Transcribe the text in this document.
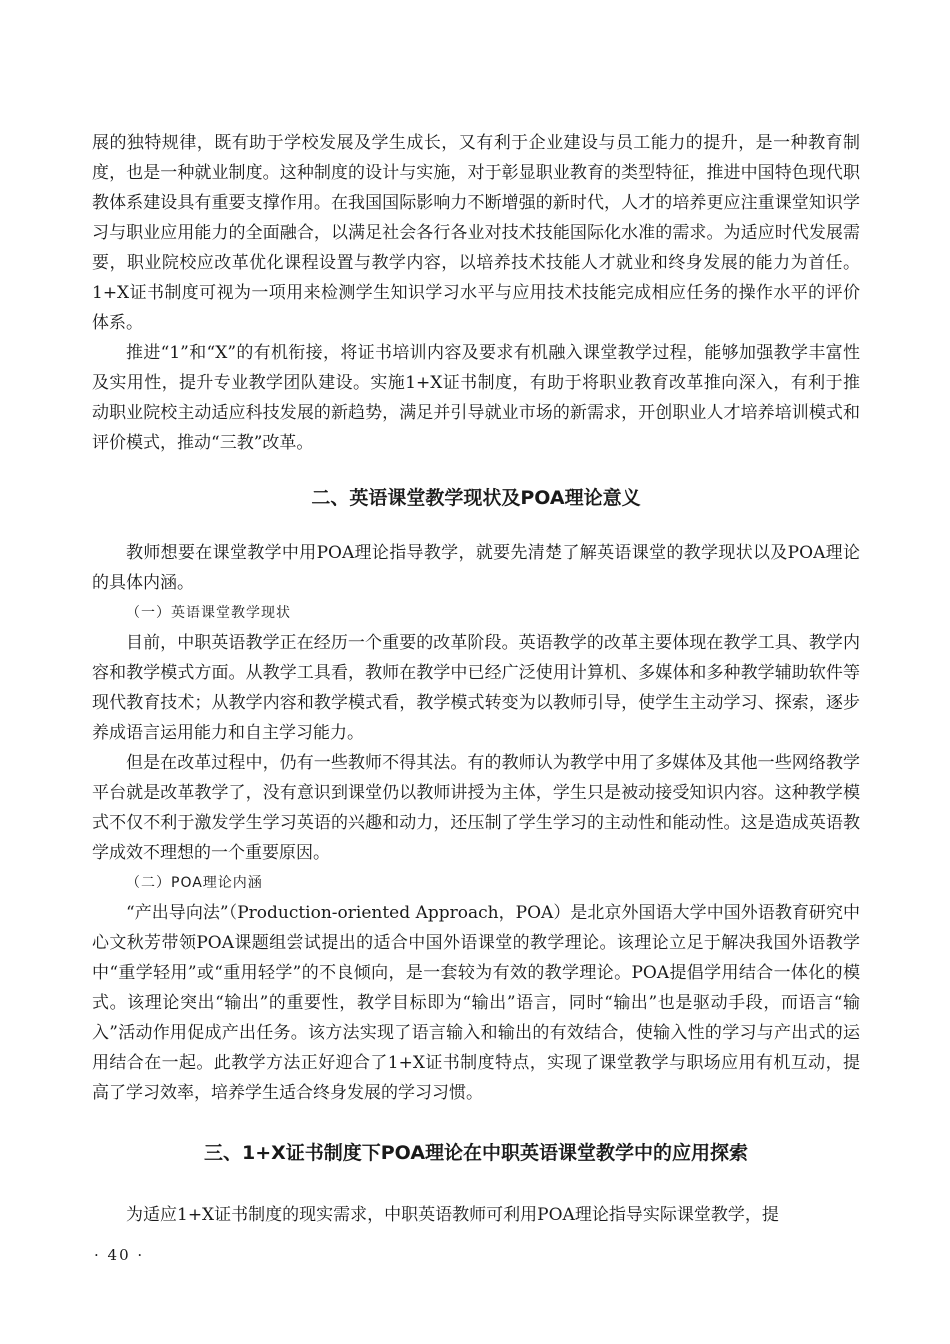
展的独特规律，既有助于学校发展及学生成长，又有利于企业建设与员工能力的提升，是一种教育制度，也是一种就业制度。这种制度的设计与实施，对于彰显职业教育的类型特征，推进中国特色现代职教体系建设具有重要支撑作用。在我国国际影响力不断增强的新时代，人才的培养更应注重课堂知识学习与职业应用能力的全面融合，以满足社会各行各业对技术技能国际化水准的需求。为适应时代发展需要，职业院校应改革优化课程设置与教学内容，以培养技术技能人才就业和终身发展的能力为首任。1+X证书制度可视为一项用来检测学生知识学习水平与应用技术技能完成相应任务的操作水平的评价体系。

推进“1”和“X”的有机衔接，将证书培训内容及要求有机融入课堂教学过程，能够加强教学丰富性及实用性，提升专业教学团队建设。实施1+X证书制度，有助于将职业教育改革推向深入，有利于推动职业院校主动适应科技发展的新趋势，满足并引导就业市场的新需求，开创职业人才培养培训模式和评价模式，推动“三教”改革。

二、英语课堂教学现状及POA理论意义

教师想要在课堂教学中用POA理论指导教学，就要先清楚了解英语课堂的教学现状以及POA理论的具体内涵。

（一）英语课堂教学现状

目前，中职英语教学正在经历一个重要的改革阶段。英语教学的改革主要体现在教学工具、教学内容和教学模式方面。从教学工具看，教师在教学中已经广泛使用计算机、多媒体和多种教学辅助软件等现代教育技术；从教学内容和教学模式看，教学模式转变为以教师引导，使学生主动学习、探索，逐步养成语言运用能力和自主学习能力。

但是在改革过程中，仍有一些教师不得其法。有的教师认为教学中用了多媒体及其他一些网络教学平台就是改革教学了，没有意识到课堂仍以教师讲授为主体，学生只是被动接受知识内容。这种教学模式不仅不利于激发学生学习英语的兴趣和动力，还压制了学生学习的主动性和能动性。这是造成英语教学成效不理想的一个重要原因。

（二）POA理论内涵

“产出导向法”（Production-oriented Approach，POA）是北京外国语大学中国外语教育研究中心文秋芳带领POA课题组尝试提出的适合中国外语课堂的教学理论。该理论立足于解决我国外语教学中“重学轻用”或“重用轻学”的不良倾向，是一套较为有效的教学理论。POA提倡学用结合一体化的模式。该理论突出“输出”的重要性，教学目标即为“输出”语言，同时“输出”也是驱动手段，而语言“输入”活动作用促成产出任务。该方法实现了语言输入和输出的有效结合，使输入性的学习与产出式的运用结合在一起。此教学方法正好迎合了1+X证书制度特点，实现了课堂教学与职场应用有机互动，提高了学习效率，培养学生适合终身发展的学习习惯。

三、1+X证书制度下POA理论在中职英语课堂教学中的应用探索

为适应1+X证书制度的现实需求，中职英语教师可利用POA理论指导实际课堂教学，提

· 40 ·
